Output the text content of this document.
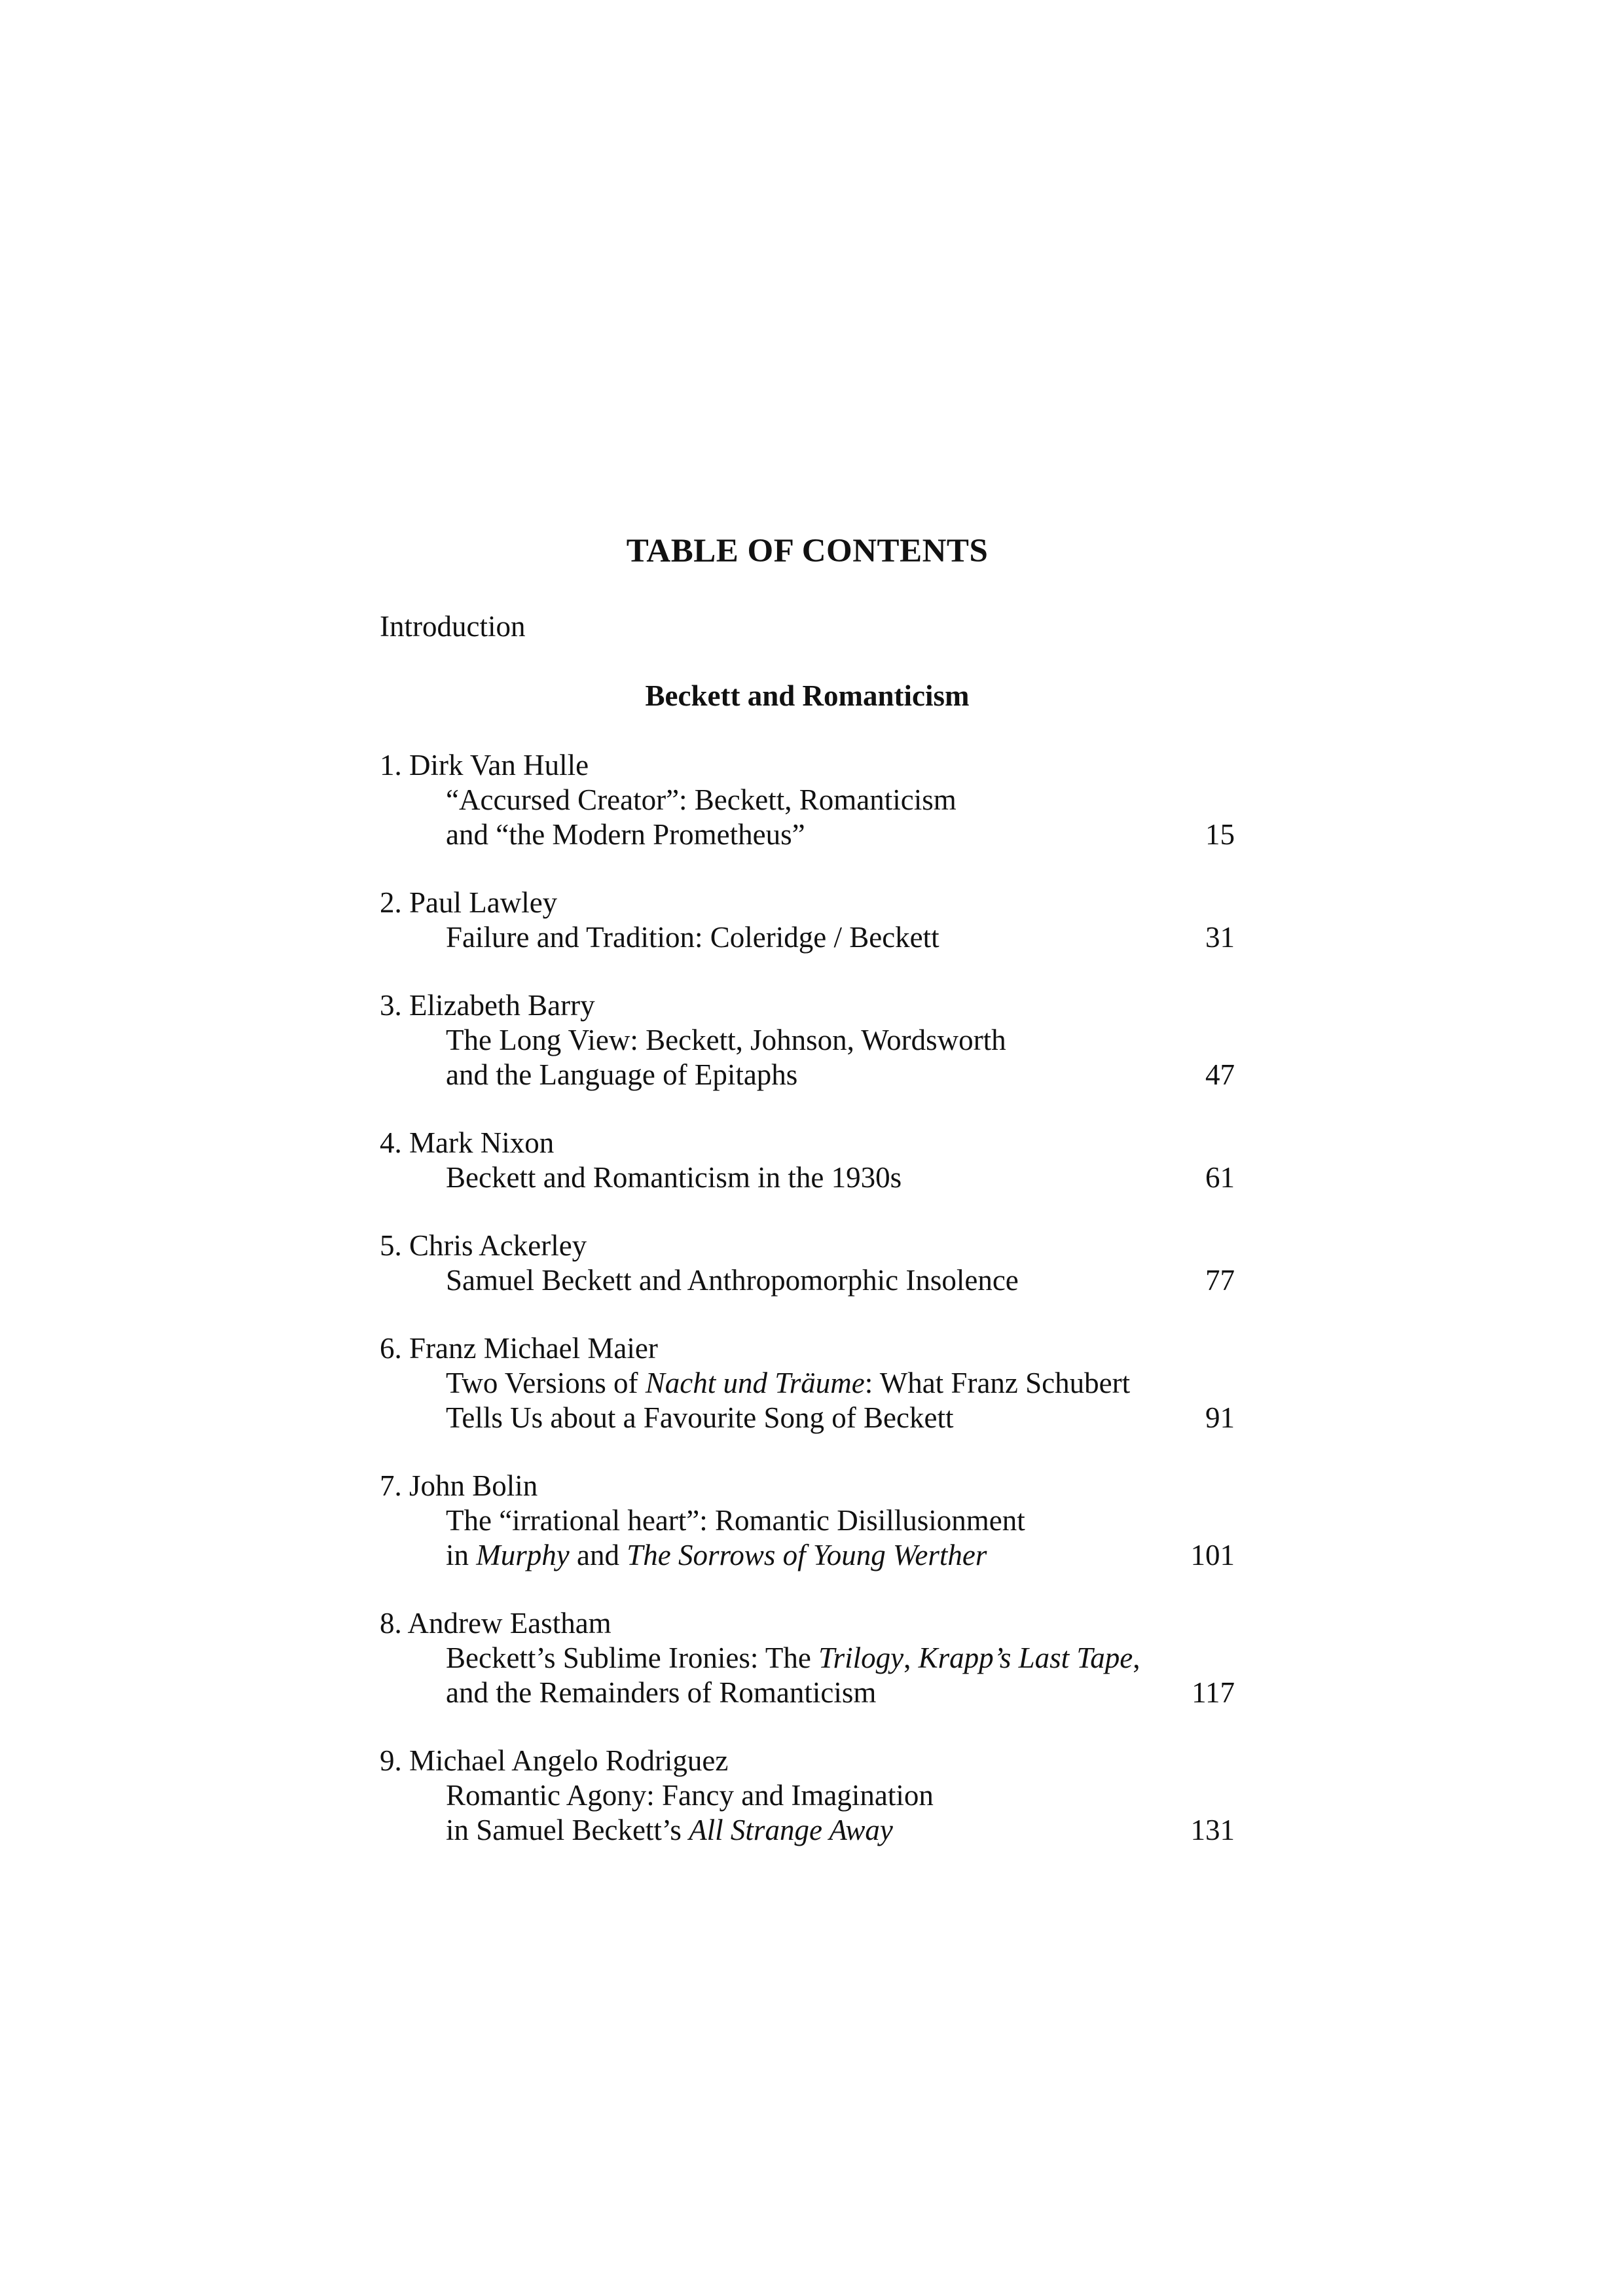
TABLE OF CONTENTS
Introduction
Beckett and Romanticism
1. Dirk Van Hulle
“Accursed Creator”: Beckett, Romanticism
and “the Modern Prometheus”	15
2. Paul Lawley
Failure and Tradition: Coleridge / Beckett	31
3. Elizabeth Barry
The Long View: Beckett, Johnson, Wordsworth
and the Language of Epitaphs	47
4. Mark Nixon
Beckett and Romanticism in the 1930s	61
5. Chris Ackerley
Samuel Beckett and Anthropomorphic Insolence	77
6. Franz Michael Maier
Two Versions of Nacht und Träume: What Franz Schubert
Tells Us about a Favourite Song of Beckett	91
7. John Bolin
The “irrational heart”: Romantic Disillusionment
in Murphy and The Sorrows of Young Werther	101
8. Andrew Eastham
Beckett’s Sublime Ironies: The Trilogy, Krapp’s Last Tape,
and the Remainders of Romanticism	117
9. Michael Angelo Rodriguez
Romantic Agony: Fancy and Imagination
in Samuel Beckett’s All Strange Away	131
